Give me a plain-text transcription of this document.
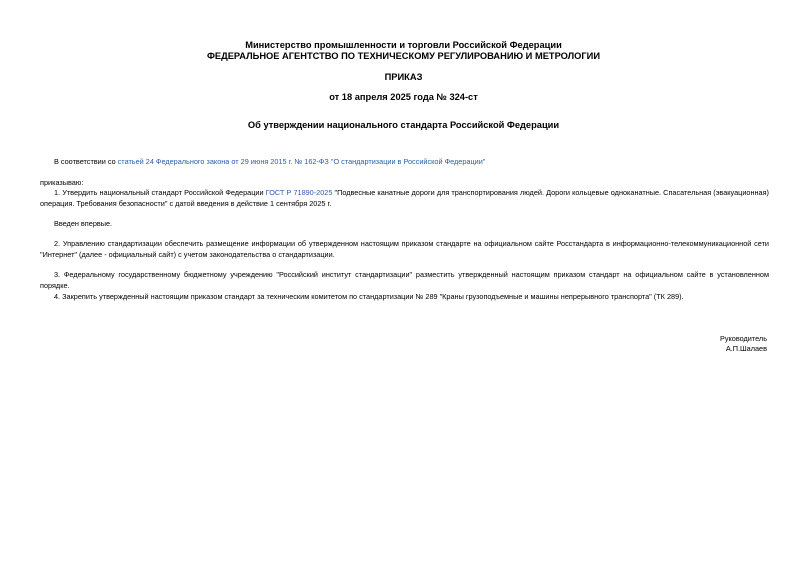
Министерство промышленности и торговли Российской Федерации
ФЕДЕРАЛЬНОЕ АГЕНТСТВО ПО ТЕХНИЧЕСКОМУ РЕГУЛИРОВАНИЮ И МЕТРОЛОГИИ
ПРИКАЗ
от 18 апреля 2025 года № 324-ст
Об утверждении национального стандарта Российской Федерации
В соответствии со статьей 24 Федерального закона от 29 июня 2015 г. № 162-ФЗ "О стандартизации в Российской Федерации"
приказываю:
1. Утвердить национальный стандарт Российской Федерации ГОСТ Р 71890-2025 "Подвесные канатные дороги для транспортирования людей. Дороги кольцевые одноканатные. Спасательная (эвакуационная) операция. Требования безопасности" с датой введения в действие 1 сентября 2025 г.
Введен впервые.
2. Управлению стандартизации обеспечить размещение информации об утвержденном настоящим приказом стандарте на официальном сайте Росстандарта в информационно-телекоммуникационной сети "Интернет" (далее - официальный сайт) с учетом законодательства о стандартизации.
3. Федеральному государственному бюджетному учреждению "Российский институт стандартизации" разместить утвержденный настоящим приказом стандарт на официальном сайте в установленном порядке.
4. Закрепить утвержденный настоящим приказом стандарт за техническим комитетом по стандартизации № 289 "Краны грузоподъемные и машины непрерывного транспорта" (ТК 289).
Руководитель
А.П.Шалаев
